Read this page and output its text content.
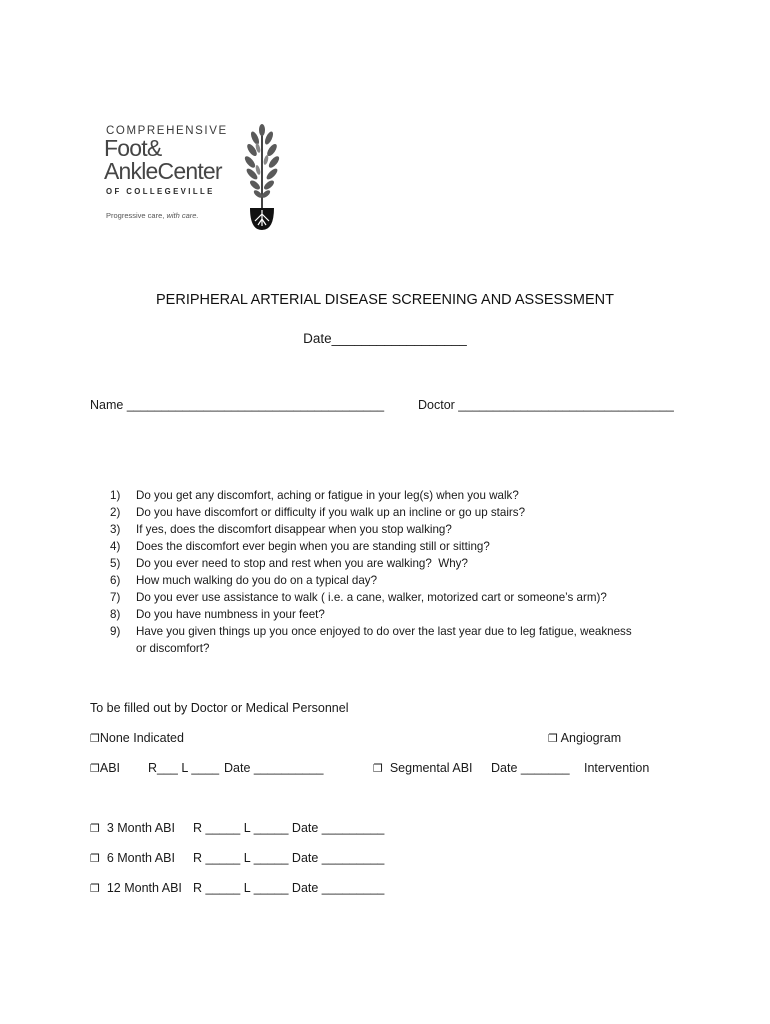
COMPREHENSIVE
Foot&
AnkleCenter
OF COLLEGEVILLE
Progressive care, with care.
PERIPHERAL ARTERIAL DISEASE SCREENING AND ASSESSMENT
Date__________________
Name _____________________________________	Doctor _______________________________
1) Do you get any discomfort, aching or fatigue in your leg(s) when you walk?
2) Do you have discomfort or difficulty if you walk up an incline or go up stairs?
3) If yes, does the discomfort disappear when you stop walking?
4) Does the discomfort ever begin when you are standing still or sitting?
5) Do you ever need to stop and rest when you are walking?  Why?
6) How much walking do you do on a typical day?
7) Do you ever use assistance to walk ( i.e. a cane, walker, motorized cart or someone’s arm)?
8) Do you have numbness in your feet?
9) Have you given things up you once enjoyed to do over the last year due to leg fatigue, weakness
or discomfort?
To be filled out by Doctor or Medical Personnel
❐None Indicated	❐ Angiogram
❐ABI R___ L ____ Date __________	❐ Segmental ABI Date _______ Intervention
❐ 3 Month ABI R _____ L _____ Date _________
❐ 6 Month ABI R _____ L _____ Date _________
❐ 12 Month ABI R _____ L _____ Date _________
